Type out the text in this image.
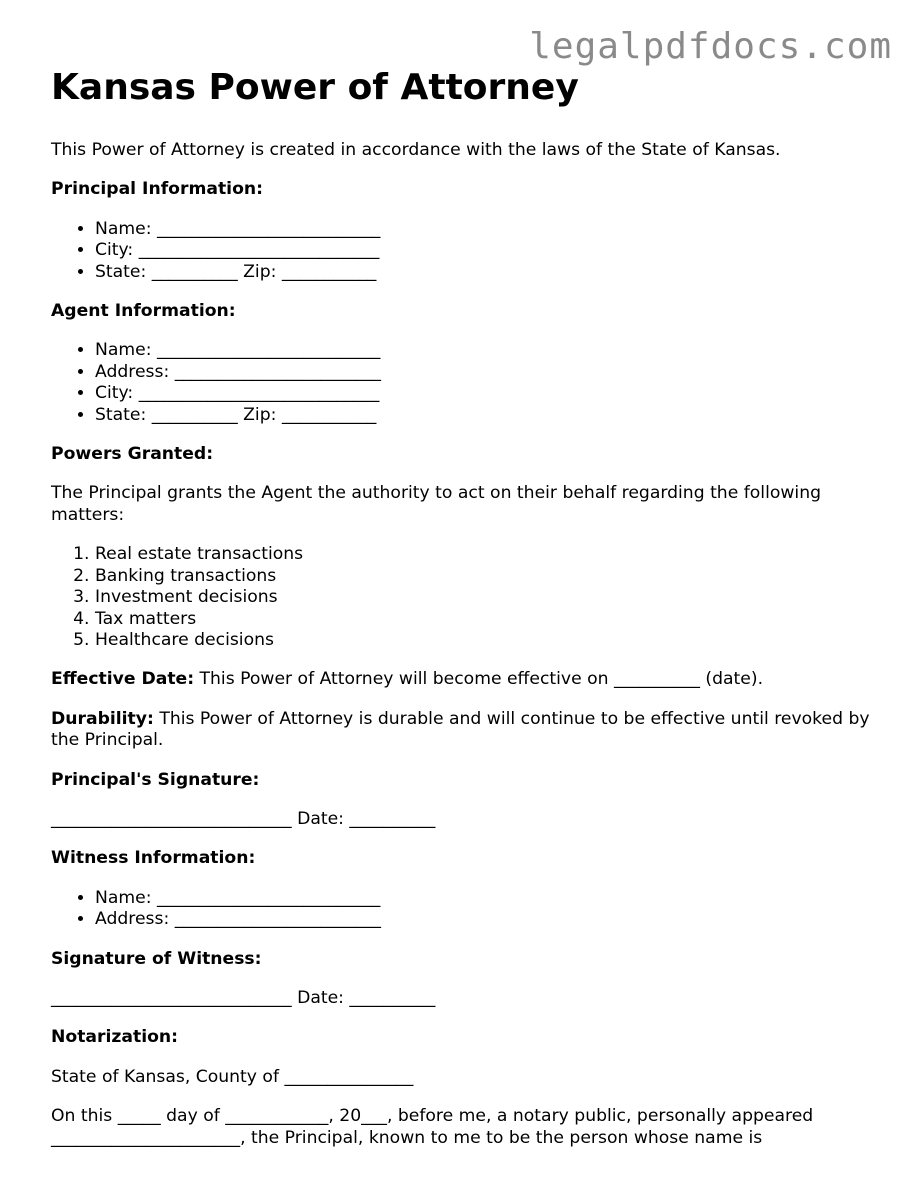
legalpdfdocs.com
Kansas Power of Attorney

This Power of Attorney is created in accordance with the laws of the State of Kansas.

Principal Information:

• Name: __________________________
• City: ____________________________
• State: __________ Zip: ___________

Agent Information:

• Name: __________________________
• Address: ________________________
• City: ____________________________
• State: __________ Zip: ___________

Powers Granted:

The Principal grants the Agent the authority to act on their behalf regarding the following matters:

1. Real estate transactions
2. Banking transactions
3. Investment decisions
4. Tax matters
5. Healthcare decisions

Effective Date: This Power of Attorney will become effective on __________ (date).

Durability: This Power of Attorney is durable and will continue to be effective until revoked by the Principal.

Principal's Signature:

____________________________ Date: __________

Witness Information:

• Name: __________________________
• Address: ________________________

Signature of Witness:

____________________________ Date: __________

Notarization:

State of Kansas, County of _______________

On this _____ day of ____________, 20___, before me, a notary public, personally appeared ______________________, the Principal, known to me to be the person whose name is
